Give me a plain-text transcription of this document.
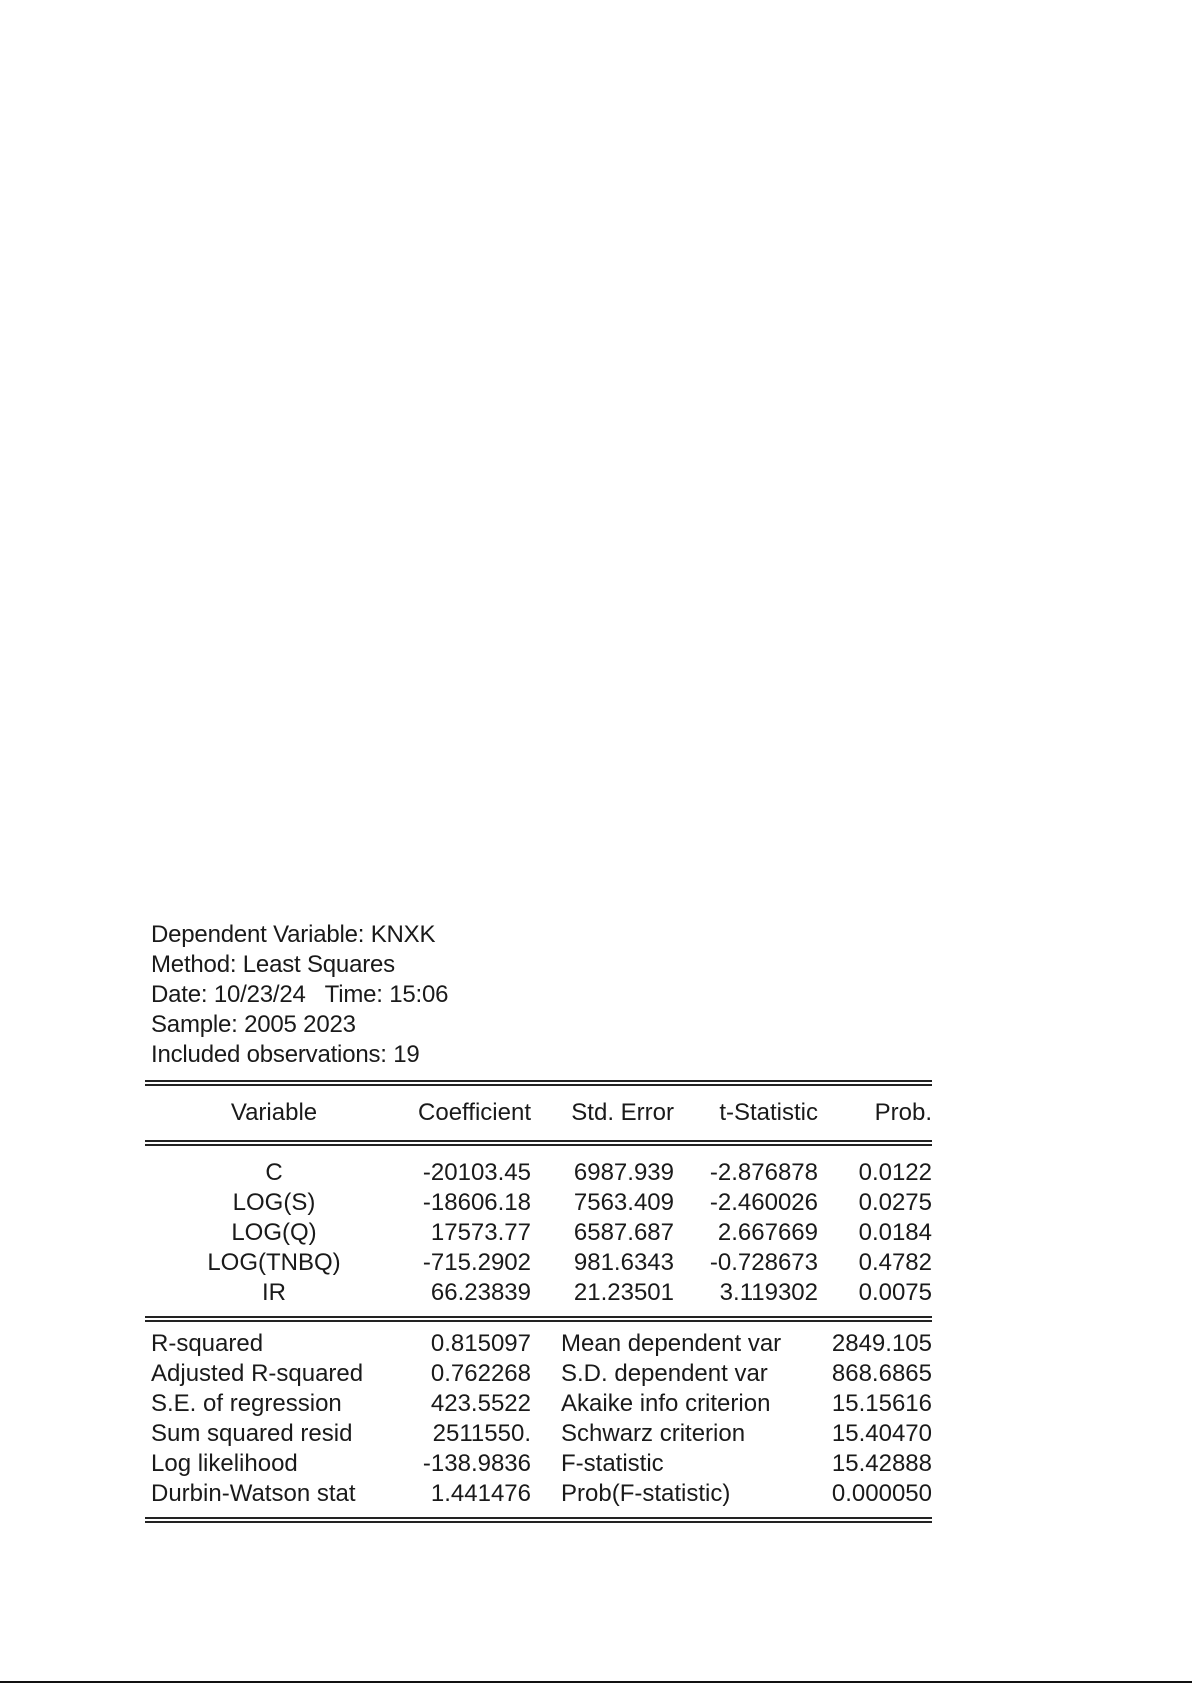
Dependent Variable: KNXK
Method: Least Squares
Date: 10/23/24   Time: 15:06
Sample: 2005 2023
Included observations: 19
Variable	Coefficient	Std. Error	t-Statistic	Prob.
C	-20103.45	6987.939	-2.876878	0.0122
LOG(S)	-18606.18	7563.409	-2.460026	0.0275
LOG(Q)	17573.77	6587.687	2.667669	0.0184
LOG(TNBQ)	-715.2902	981.6343	-0.728673	0.4782
IR	66.23839	21.23501	3.119302	0.0075
R-squared	0.815097	Mean dependent var	2849.105
Adjusted R-squared	0.762268	S.D. dependent var	868.6865
S.E. of regression	423.5522	Akaike info criterion	15.15616
Sum squared resid	2511550.	Schwarz criterion	15.40470
Log likelihood	-138.9836	F-statistic	15.42888
Durbin-Watson stat	1.441476	Prob(F-statistic)	0.000050
